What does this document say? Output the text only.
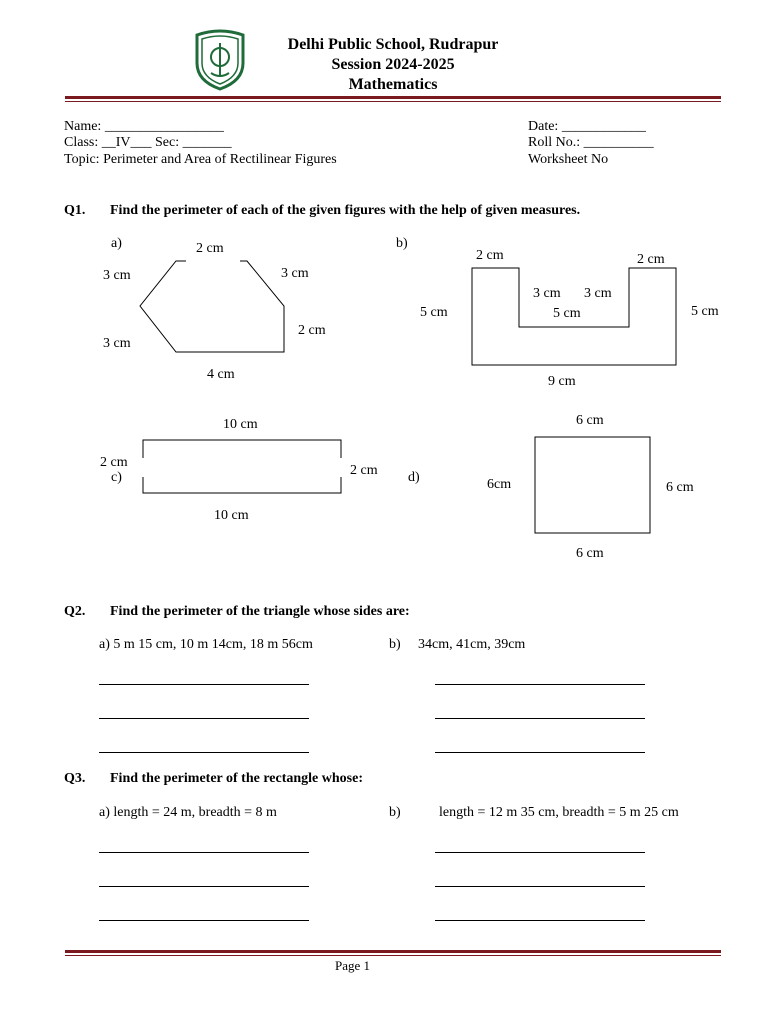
Delhi Public School, Rudrapur
Session 2024-2025
Mathematics
Name: _________________
Class: __IV___ Sec: _______
Topic: Perimeter and Area of Rectilinear Figures
Date: ____________
Roll No.: __________
Worksheet No
Q1. Find the perimeter of each of the given figures with the help of given measures.
a)	2 cm
3 cm	3 cm
2 cm
3 cm
4 cm
b)
2 cm	2 cm
3 cm 3 cm
5 cm	5 cm	5 cm
9 cm
10 cm
2 cm
c)	2 cm
10 cm
6 cm
d)	6cm	6 cm
6 cm
Q2. Find the perimeter of the triangle whose sides are:
a) 5 m 15 cm, 10 m 14cm, 18 m 56cm	b) 34cm, 41cm, 39cm
Q3. Find the perimeter of the rectangle whose:
a) length = 24 m, breadth = 8 m	b)	length = 12 m 35 cm, breadth = 5 m 25 cm
Page 1
